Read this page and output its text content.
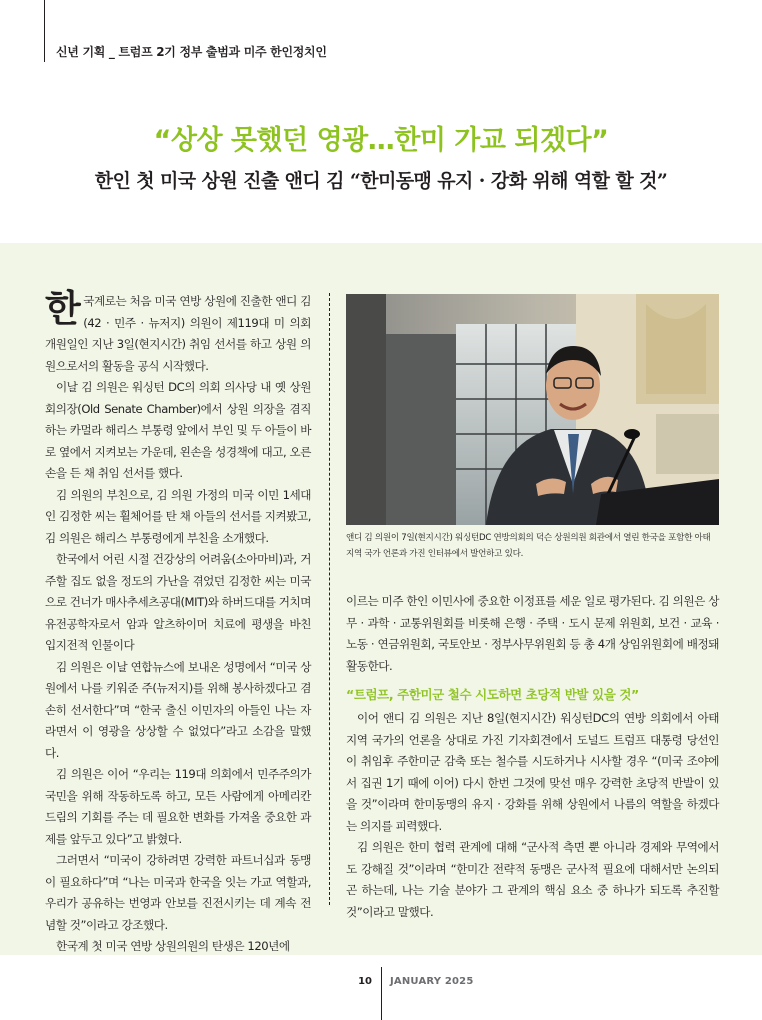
신년 기획 _ 트럼프 2기 정부 출범과 미주 한인정치인
“상상 못했던 영광…한미 가교 되겠다”
한인 첫 미국 상원 진출 앤디 김 “한미동맹 유지 · 강화 위해 역할 할 것”

한국계로는 처음 미국 연방 상원에 진출한 앤디 김(42 · 민주 · 뉴저지) 의원이 제119대 미 의회 개원일인 지난 3일(현지시간) 취임 선서를 하고 상원 의원으로서의 활동을 공식 시작했다.

이날 김 의원은 워싱턴 DC의 의회 의사당 내 옛 상원회의장(Old Senate Chamber)에서 상원 의장을 겸직하는 카멀라 해리스 부통령 앞에서 부인 및 두 아들이 바로 옆에서 지켜보는 가운데, 왼손을 성경책에 대고, 오른손을 든 채 취임 선서를 했다.

김 의원의 부친으로, 김 의원 가정의 미국 이민 1세대인 김정한 씨는 휠체어를 탄 채 아들의 선서를 지켜봤고, 김 의원은 해리스 부통령에게 부친을 소개했다.

한국에서 어린 시절 건강상의 어려움(소아마비)과, 거주할 집도 없을 정도의 가난을 겪었던 김정한 씨는 미국으로 건너가 매사추세츠공대(MIT)와 하버드대를 거치며 유전공학자로서 암과 알츠하이머 치료에 평생을 바친 입지전적 인물이다

김 의원은 이날 연합뉴스에 보내온 성명에서 “미국 상원에서 나를 키워준 주(뉴저지)를 위해 봉사하겠다고 겸손히 선서한다”며 “한국 출신 이민자의 아들인 나는 자라면서 이 영광을 상상할 수 없었다”라고 소감을 말했다.

김 의원은 이어 “우리는 119대 의회에서 민주주의가 국민을 위해 작동하도록 하고, 모든 사람에게 아메리칸 드림의 기회를 주는 데 필요한 변화를 가져올 중요한 과제를 앞두고 있다”고 밝혔다.

그러면서 “미국이 강하려면 강력한 파트너십과 동맹이 필요하다”며 “나는 미국과 한국을 잇는 가교 역할과, 우리가 공유하는 번영과 안보를 진전시키는 데 계속 전념할 것”이라고 강조했다.

한국계 첫 미국 연방 상원의원의 탄생은 120년에

앤디 김 의원이 7일(현지시간) 워싱턴DC 연방의회의 덕슨 상원의원 회관에서 열린 한국을 포함한 아태 지역 국가 언론과 가진 인터뷰에서 발언하고 있다.

이르는 미주 한인 이민사에 중요한 이정표를 세운 일로 평가된다. 김 의원은 상무 · 과학 · 교통위원회를 비롯해 은행 · 주택 · 도시 문제 위원회, 보건 · 교육 · 노동 · 연금위원회, 국토안보 · 정부사무위원회 등 총 4개 상임위원회에 배정돼 활동한다.

“트럼프, 주한미군 철수 시도하면 초당적 반발 있을 것”

이어 앤디 김 의원은 지난 8일(현지시간) 워싱턴DC의 연방 의회에서 아태 지역 국가의 언론을 상대로 가진 기자회견에서 도널드 트럼프 대통령 당선인이 취임후 주한미군 감축 또는 철수를 시도하거나 시사할 경우 “(미국 조야에서 집권 1기 때에 이어) 다시 한번 그것에 맞선 매우 강력한 초당적 반발이 있을 것”이라며 한미동맹의 유지 · 강화를 위해 상원에서 나름의 역할을 하겠다는 의지를 피력했다.

김 의원은 한미 협력 관계에 대해 “군사적 측면 뿐 아니라 경제와 무역에서도 강해질 것”이라며 “한미간 전략적 동맹은 군사적 필요에 대해서만 논의되곤 하는데, 나는 기술 분야가 그 관계의 핵심 요소 중 하나가 되도록 추진할 것”이라고 말했다.

10 JANUARY 2025
